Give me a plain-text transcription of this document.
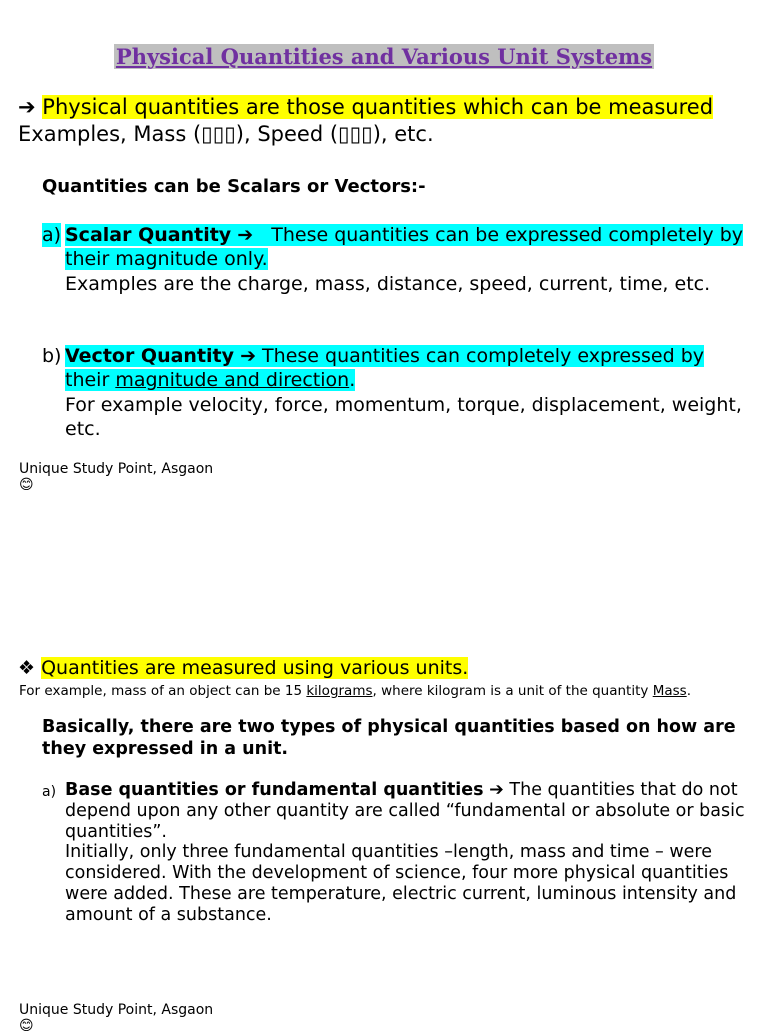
Physical Quantities and Various Unit Systems
➔ Physical quantities are those quantities which can be measured Examples, Mass (▯▯▯), Speed (▯▯▯), etc.
Quantities can be Scalars or Vectors:-
a) Scalar Quantity ➔ These quantities can be expressed completely by their magnitude only.
Examples are the charge, mass, distance, speed, current, time, etc.
b) Vector Quantity ➔ These quantities can completely expressed by their magnitude and direction.
For example velocity, force, momentum, torque, displacement, weight, etc.
Unique Study Point, Asgaon
😊
❖ Quantities are measured using various units.
For example, mass of an object can be 15 kilograms, where kilogram is a unit of the quantity Mass.
Basically, there are two types of physical quantities based on how are they expressed in a unit.
a) Base quantities or fundamental quantities ➔ The quantities that do not depend upon any other quantity are called “fundamental or absolute or basic quantities”.
Initially, only three fundamental quantities –length, mass and time – were considered. With the development of science, four more physical quantities were added. These are temperature, electric current, luminous intensity and amount of a substance.
Unique Study Point, Asgaon
😊
